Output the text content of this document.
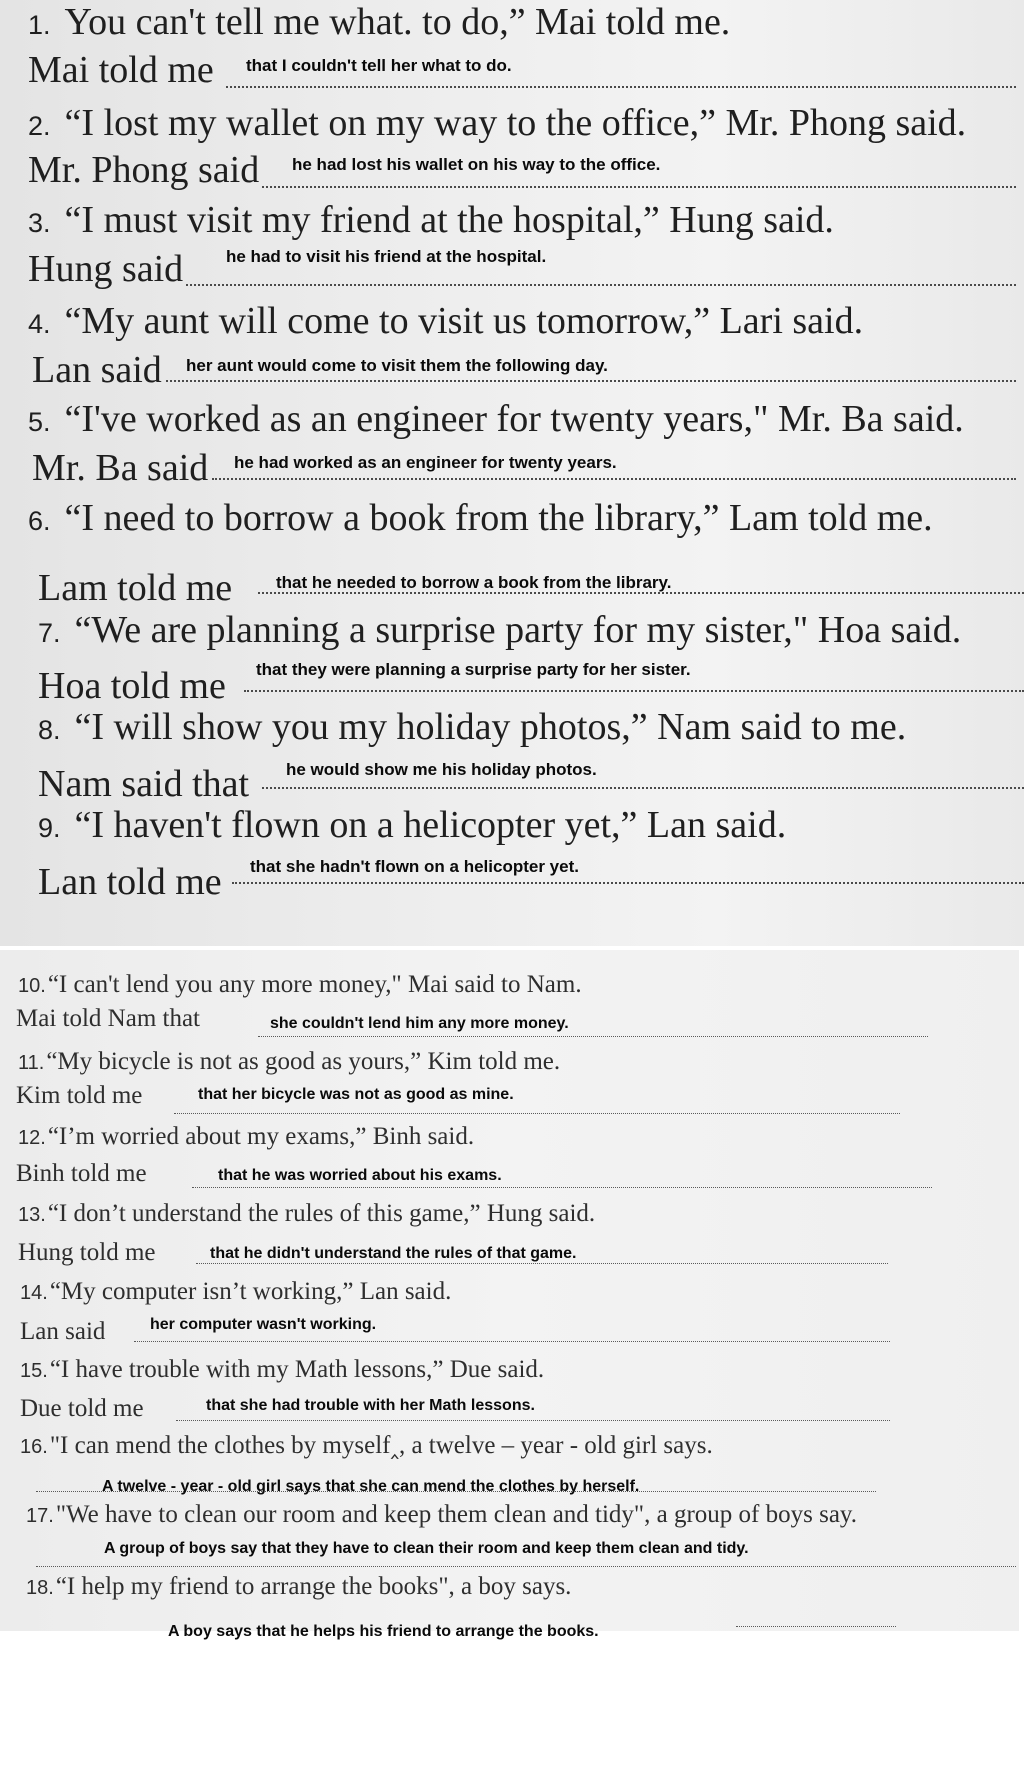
1. You can't tell me what. to do,” Mai told me.
Mai told me that I couldn't tell her what to do.
2. “I lost my wallet on my way to the office,” Mr. Phong said.
Mr. Phong said he had lost his wallet on his way to the office.
3. “I must visit my friend at the hospital,” Hung said.
Hung said	he had to visit his friend at the hospital.
4. “My aunt will come to visit us tomorrow,” Lari said.
Lan said her aunt would come to visit them the following day.
5. “I've worked as an engineer for twenty years," Mr. Ba said.
Mr. Ba said he had worked as an engineer for twenty years.
6. “I need to borrow a book from the library,” Lam told me.
Lam told me	that he needed to borrow a book from the library.
7. “We are planning a surprise party for my sister," Hoa said.
Hoa told me that they were planning a surprise party for her sister.
8. “I will show you my holiday photos,” Nam said to me.
Nam said that he would show me his holiday photos.
9. “I haven't flown on a helicopter yet,” Lan said.
Lan told me that she hadn't flown on a helicopter yet.
10.“I can't lend you any more money," Mai said to Nam.
Mai told Nam that	she couldn't lend him any more money.
11.“My bicycle is not as good as yours,” Kim told me.
Kim told me	that her bicycle was not as good as mine.
12.“I’m worried about my exams,” Binh said.
Binh told me	that he was worried about his exams.
13.“I don’t understand the rules of this game,” Hung said.
Hung told me	that he didn't understand the rules of that game.
14.“My computer isn’t working,” Lan said.
Lan said	her computer wasn't working.
15.“I have trouble with my Math lessons,” Due said.
Due told me	that she had trouble with her Math lessons.
16."I can mend the clothes by myself‸, a twelve – year - old girl says.
A twelve - year - old girl says that she can mend the clothes by herself.
17."We have to clean our room and keep them clean and tidy", a group of boys say.
A group of boys say that they have to clean their room and keep them clean and tidy.
18.“I help my friend to arrange the books", a boy says.
A boy says that he helps his friend to arrange the books.
